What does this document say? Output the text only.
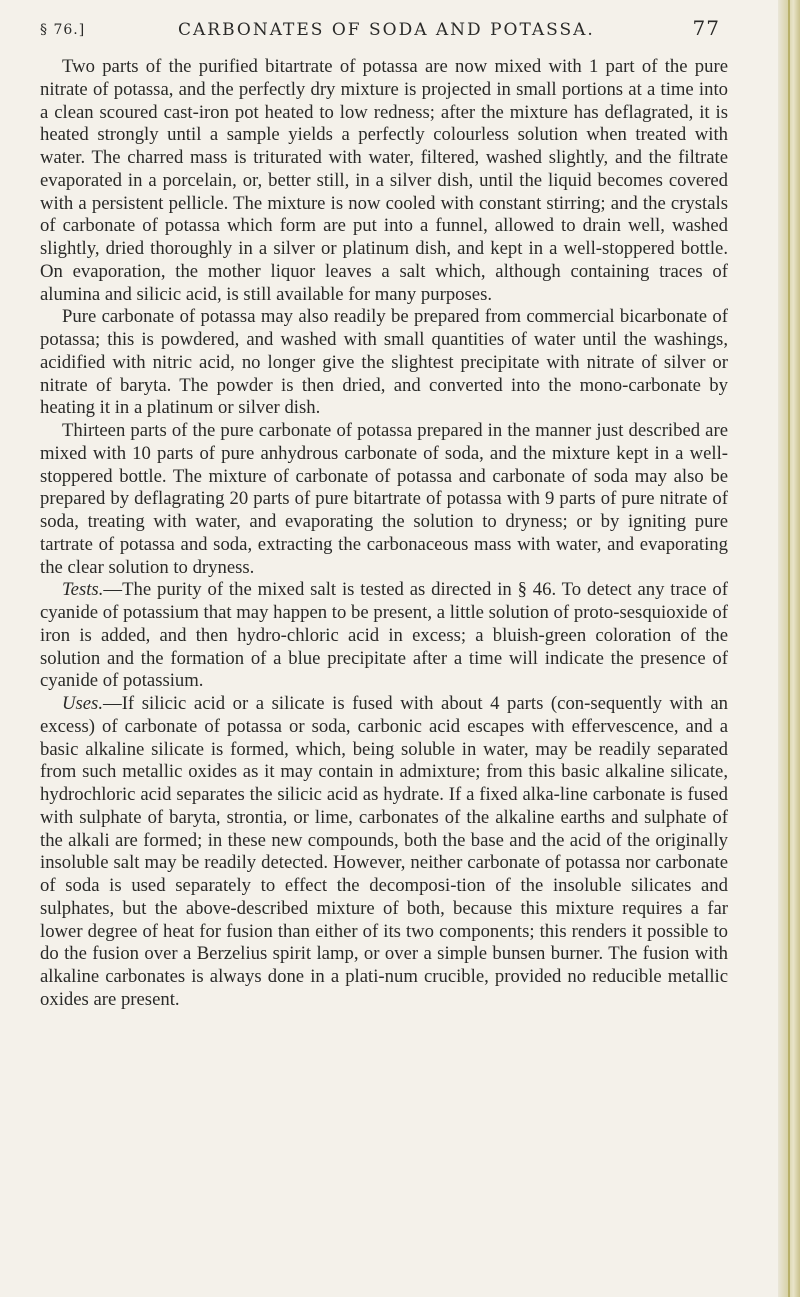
§ 76.]	CARBONATES OF SODA AND POTASSA.	77

Two parts of the purified bitartrate of potassa are now mixed with 1 part of the pure nitrate of potassa, and the perfectly dry mixture is projected in small portions at a time into a clean scoured cast-iron pot heated to low redness; after the mixture has deflagrated, it is heated strongly until a sample yields a perfectly colourless solution when treated with water. The charred mass is triturated with water, filtered, washed slightly, and the filtrate evaporated in a porcelain, or, better still, in a silver dish, until the liquid becomes covered with a persistent pellicle. The mixture is now cooled with constant stirring; and the crystals of carbonate of potassa which form are put into a funnel, allowed to drain well, washed slightly, dried thoroughly in a silver or platinum dish, and kept in a well-stoppered bottle. On evaporation, the mother liquor leaves a salt which, although containing traces of alumina and silicic acid, is still available for many purposes.

Pure carbonate of potassa may also readily be prepared from commercial bicarbonate of potassa; this is powdered, and washed with small quantities of water until the washings, acidified with nitric acid, no longer give the slightest precipitate with nitrate of silver or nitrate of baryta. The powder is then dried, and converted into the mono-carbonate by heating it in a platinum or silver dish.

Thirteen parts of the pure carbonate of potassa prepared in the manner just described are mixed with 10 parts of pure anhydrous carbonate of soda, and the mixture kept in a well-stoppered bottle. The mixture of carbonate of potassa and carbonate of soda may also be prepared by deflagrating 20 parts of pure bitartrate of potassa with 9 parts of pure nitrate of soda, treating with water, and evaporating the solution to dryness; or by igniting pure tartrate of potassa and soda, extracting the carbonaceous mass with water, and evaporating the clear solution to dryness.

Tests.—The purity of the mixed salt is tested as directed in § 46. To detect any trace of cyanide of potassium that may happen to be present, a little solution of proto-sesquioxide of iron is added, and then hydro-chloric acid in excess; a bluish-green coloration of the solution and the formation of a blue precipitate after a time will indicate the presence of cyanide of potassium.

Uses.—If silicic acid or a silicate is fused with about 4 parts (con-sequently with an excess) of carbonate of potassa or soda, carbonic acid escapes with effervescence, and a basic alkaline silicate is formed, which, being soluble in water, may be readily separated from such metallic oxides as it may contain in admixture; from this basic alkaline silicate, hydrochloric acid separates the silicic acid as hydrate. If a fixed alka-line carbonate is fused with sulphate of baryta, strontia, or lime, carbonates of the alkaline earths and sulphate of the alkali are formed; in these new compounds, both the base and the acid of the originally insoluble salt may be readily detected. However, neither carbonate of potassa nor carbonate of soda is used separately to effect the decomposi-tion of the insoluble silicates and sulphates, but the above-described mixture of both, because this mixture requires a far lower degree of heat for fusion than either of its two components; this renders it possible to do the fusion over a Berzelius spirit lamp, or over a simple bunsen burner. The fusion with alkaline carbonates is always done in a plati-num crucible, provided no reducible metallic oxides are present.
